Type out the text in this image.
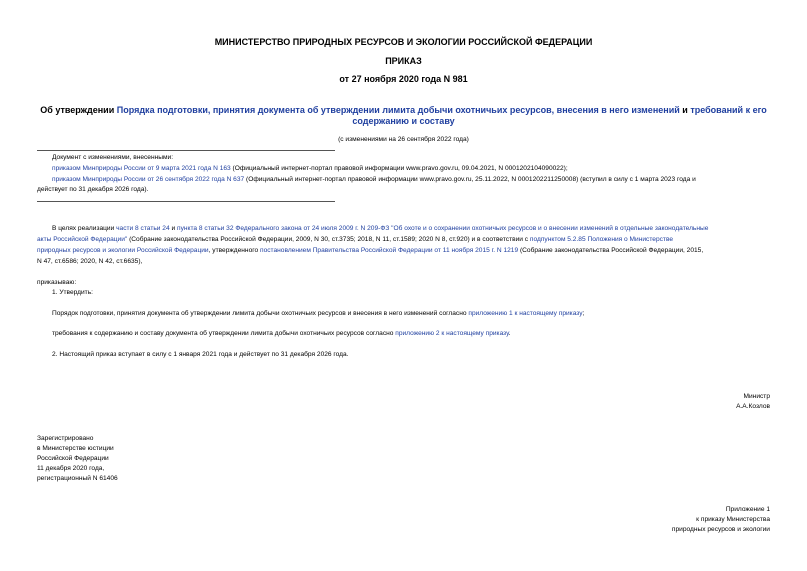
МИНИСТЕРСТВО ПРИРОДНЫХ РЕСУРСОВ И ЭКОЛОГИИ РОССИЙСКОЙ ФЕДЕРАЦИИ
ПРИКАЗ
от 27 ноября 2020 года N 981
Об утверждении Порядка подготовки, принятия документа об утверждении лимита добычи охотничьих ресурсов, внесения в него изменений и требований к его
содержанию и составу
(с изменениями на 26 сентября 2022 года)
Документ с изменениями, внесенными:
приказом Минприроды России от 9 марта 2021 года N 163 (Официальный интернет-портал правовой информации www.pravo.gov.ru, 09.04.2021, N 0001202104090022);
приказом Минприроды России от 26 сентября 2022 года N 637 (Официальный интернет-портал правовой информации www.pravo.gov.ru, 25.11.2022, N 0001202211250008) (вступил в силу с 1 марта 2023 года и
действует по 31 декабря 2026 года).
В целях реализации части 8 статьи 24 и пункта 8 статьи 32 Федерального закона от 24 июля 2009 г. N 209-ФЗ "Об охоте и о сохранении охотничьих ресурсов и о внесении изменений в отдельные законодательные
акты Российской Федерации" (Собрание законодательства Российской Федерации, 2009, N 30, ст.3735; 2018, N 11, ст.1589; 2020 N 8, ст.920) и в соответствии с подпунктом 5.2.85 Положения о Министерстве
природных ресурсов и экологии Российской Федерации, утвержденного постановлением Правительства Российской Федерации от 11 ноября 2015 г. N 1219 (Собрание законодательства Российской Федерации, 2015,
N 47, ст.6586; 2020, N 42, ст.6635),
приказываю:
1. Утвердить:
Порядок подготовки, принятия документа об утверждении лимита добычи охотничьих ресурсов и внесения в него изменений согласно приложению 1 к настоящему приказу;
требования к содержанию и составу документа об утверждении лимита добычи охотничьих ресурсов согласно приложению 2 к настоящему приказу.
2. Настоящий приказ вступает в силу с 1 января 2021 года и действует по 31 декабря 2026 года.
Министр
А.А.Козлов
Зарегистрировано
в Министерстве юстиции
Российской Федерации
11 декабря 2020 года,
регистрационный N 61406
Приложение 1
к приказу Министерства
природных ресурсов и экологии
